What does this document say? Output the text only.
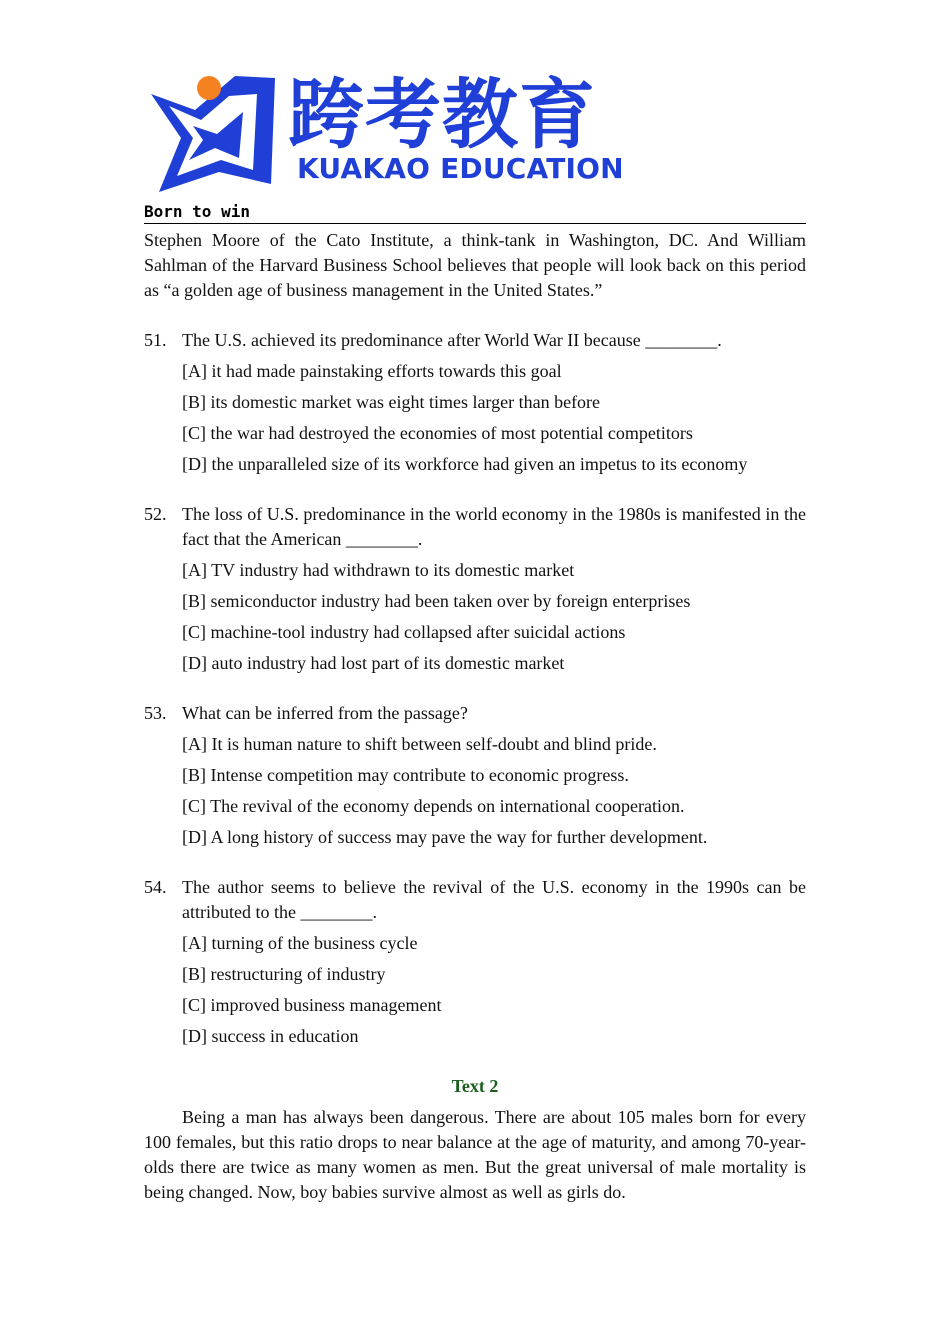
跨考教育
KUAKAO EDUCATION
Born to win

Stephen Moore of the Cato Institute, a think-tank in Washington, DC. And William Sahlman of the Harvard Business School believes that people will look back on this period as “a golden age of business management in the United States.”

51. The U.S. achieved its predominance after World War II because ________.
[A] it had made painstaking efforts towards this goal
[B] its domestic market was eight times larger than before
[C] the war had destroyed the economies of most potential competitors
[D] the unparalleled size of its workforce had given an impetus to its economy
52. The loss of U.S. predominance in the world economy in the 1980s is manifested in the fact that the American ________.
[A] TV industry had withdrawn to its domestic market
[B] semiconductor industry had been taken over by foreign enterprises
[C] machine-tool industry had collapsed after suicidal actions
[D] auto industry had lost part of its domestic market
53. What can be inferred from the passage?
[A] It is human nature to shift between self-doubt and blind pride.
[B] Intense competition may contribute to economic progress.
[C] The revival of the economy depends on international cooperation.
[D] A long history of success may pave the way for further development.
54. The author seems to believe the revival of the U.S. economy in the 1990s can be attributed to the ________.
[A] turning of the business cycle
[B] restructuring of industry
[C] improved business management
[D] success in education
Text 2

Being a man has always been dangerous. There are about 105 males born for every 100 females, but this ratio drops to near balance at the age of maturity, and among 70-year-olds there are twice as many women as men. But the great universal of male mortality is being changed. Now, boy babies survive almost as well as girls do.
